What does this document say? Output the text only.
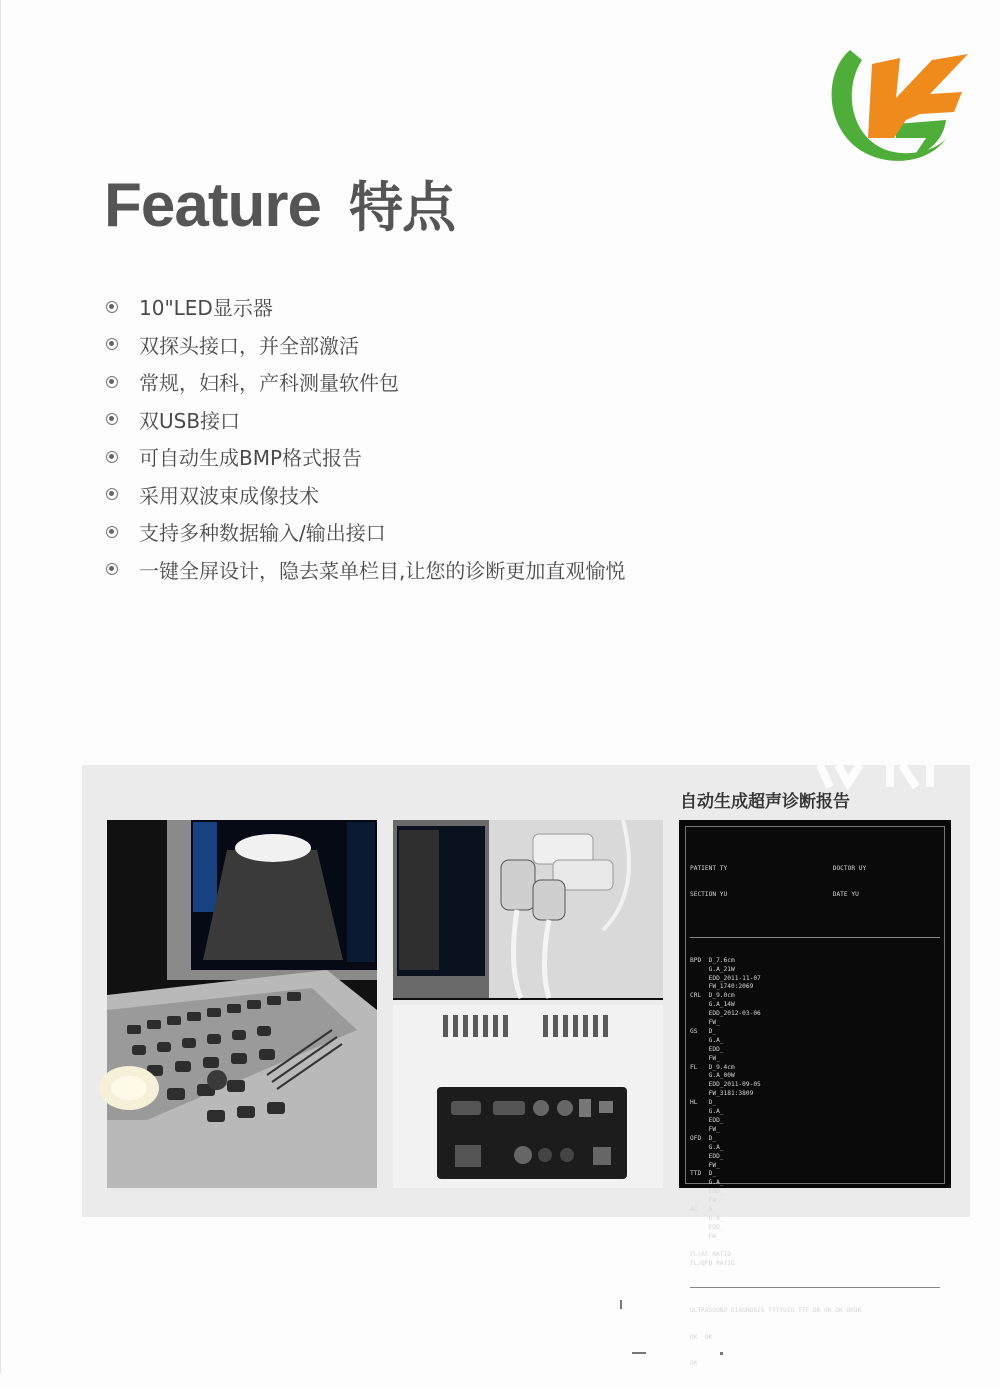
Feature 特点
10"LED显示器
双探头接口，并全部激活
常规，妇科，产科测量软件包
双USB接口
可自动生成BMP格式报告
采用双波束成像技术
支持多种数据输入/输出接口
一键全屏设计，隐去菜单栏目,让您的诊断更加直观愉悦
自动生成超声诊断报告

PATIENT TY

SECTION YU

DOCTOR UY

DATE YU

BPD  D_7.6cm
G.A_21W
EDD_2011-11-07
FW_1740:2069
CRL  D_9.0cm
G.A_14W
EDD_2012-03-06
FW_
GS   D_
G.A_
EDD_
FW_
FL   D_9.4cm
G.A_00W
EDD_2011-09-05
FW_3181:3809
HL   D_
G.A_
EDD_
FW_
OFD  D_
G.A_
EDD_
FW_
TTD  D_
G.A_
EDD_
FW_
AC   D_
G.A_
EDD_
FW_

FL/AC RATIO
FL/BPD RATIO

ULTRASOUND DIAGNOSIS TYTYUIO TTF OK OK OK OKOK

OK  OK

OK
